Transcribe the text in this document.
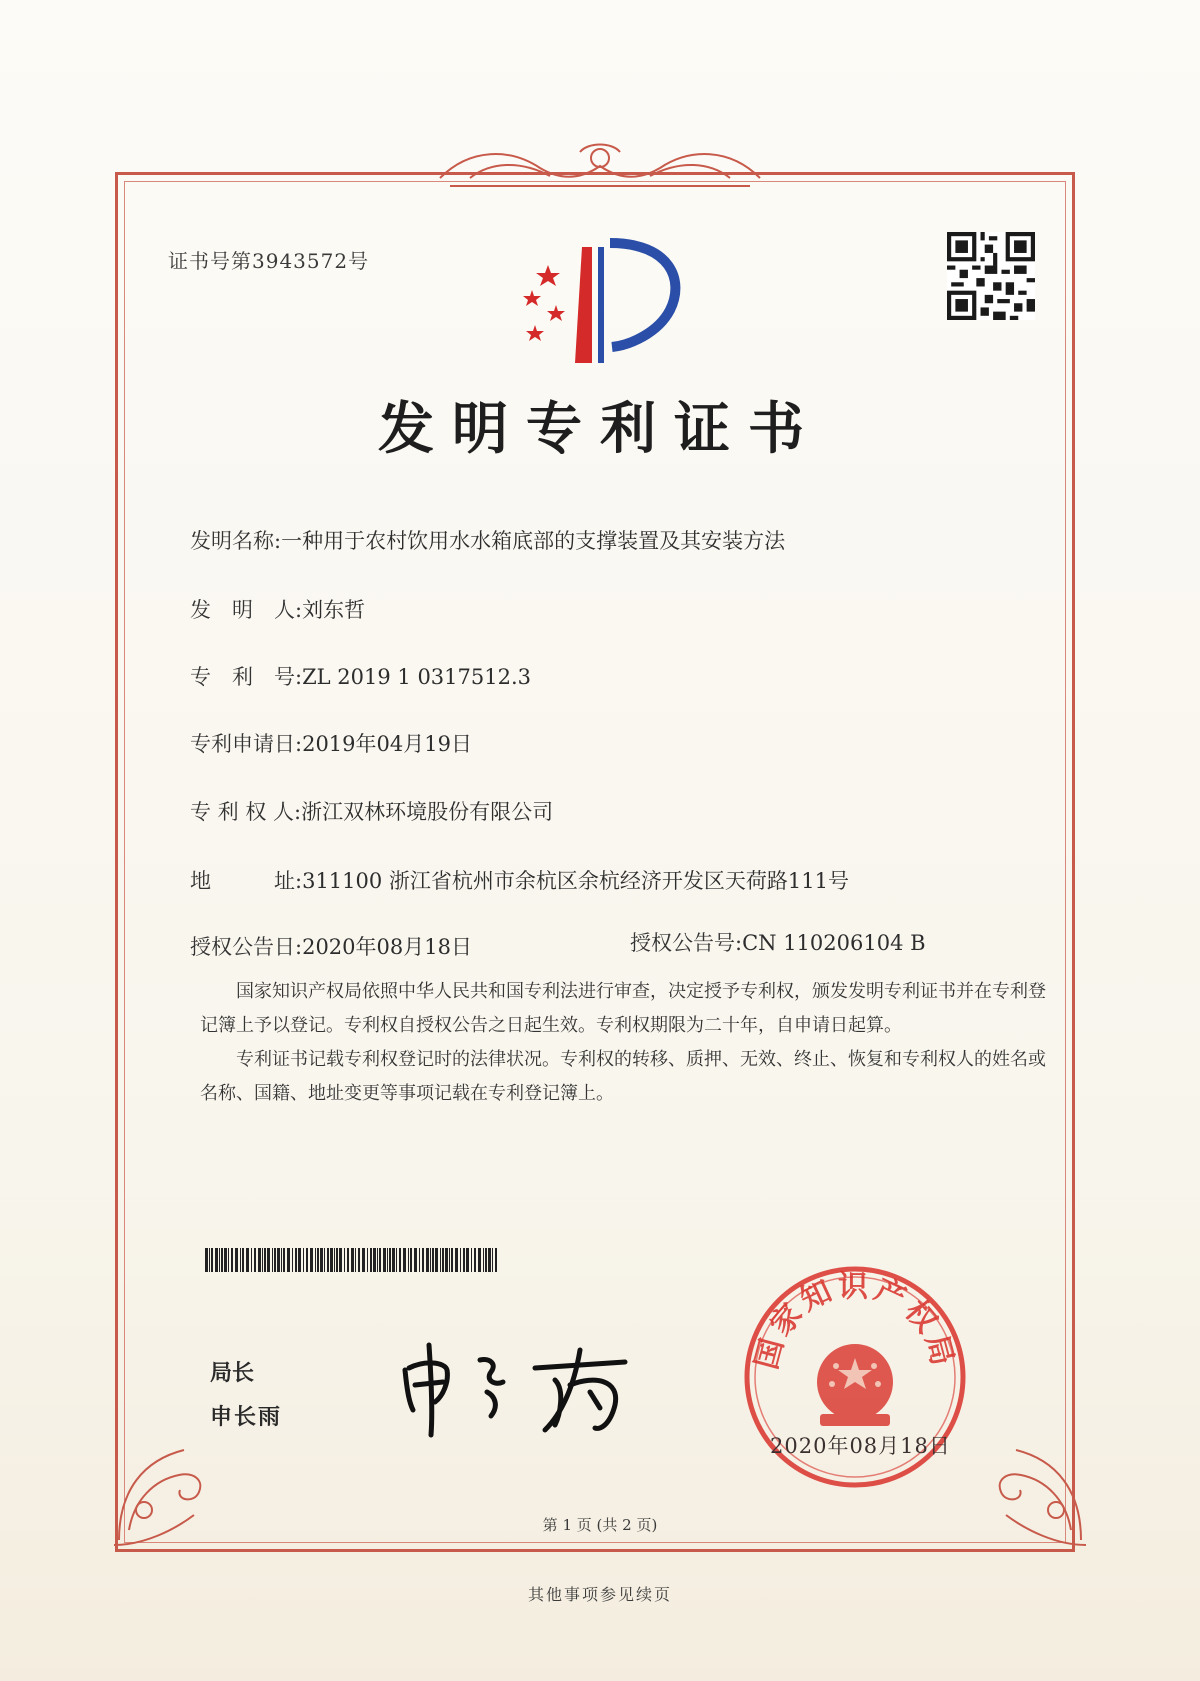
证书号第3943572号
发明专利证书
发明名称:一种用于农村饮用水水箱底部的支撑装置及其安装方法
发　明　人:刘东哲
专　利　号:ZL 2019 1 0317512.3
专利申请日:2019年04月19日
专 利 权 人:浙江双林环境股份有限公司
地　　　址:311100 浙江省杭州市余杭区余杭经济开发区天荷路111号
授权公告日:2020年08月18日	授权公告号:CN 110206104 B

国家知识产权局依照中华人民共和国专利法进行审查，决定授予专利权，颁发发明专利证书并在专利登记簿上予以登记。专利权自授权公告之日起生效。专利权期限为二十年，自申请日起算。

专利证书记载专利权登记时的法律状况。专利权的转移、质押、无效、终止、恢复和专利权人的姓名或名称、国籍、地址变更等事项记载在专利登记簿上。

局长
申长雨
国家知识产权局
2020年08月18日
第 1 页 (共 2 页)
其他事项参见续页
